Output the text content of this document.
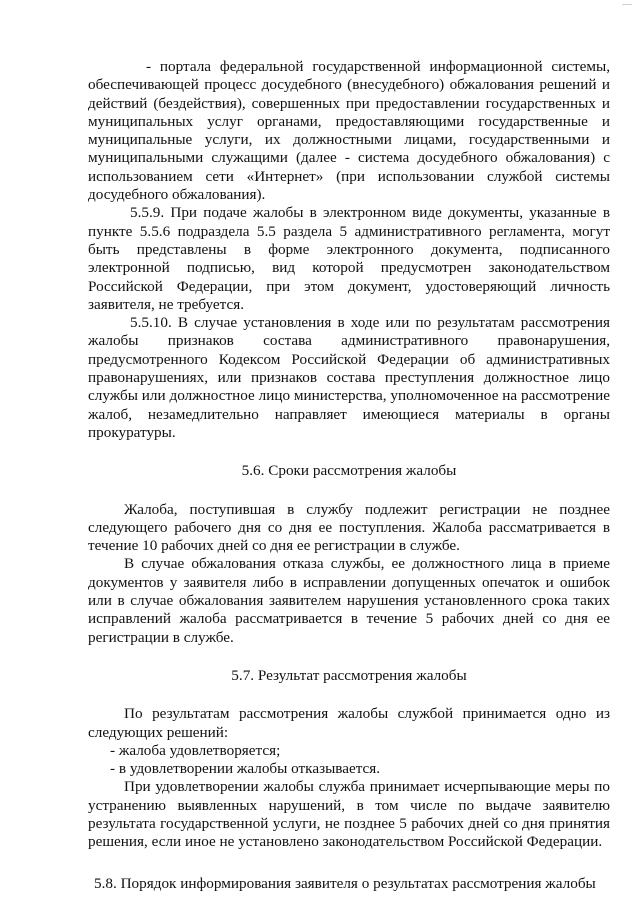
- портала федеральной государственной информационной системы, обеспечивающей процесс досудебного (внесудебного) обжалования решений и действий (бездействия), совершенных при предоставлении государственных и муниципальных услуг органами, предоставляющими государственные и муниципальные услуги, их должностными лицами, государственными и муниципальными служащими (далее - система досудебного обжалования) с использованием сети «Интернет» (при использовании службой системы досудебного обжалования).

5.5.9. При подаче жалобы в электронном виде документы, указанные в пункте 5.5.6 подраздела 5.5 раздела 5 административного регламента, могут быть представлены в форме электронного документа, подписанного электронной подписью, вид которой предусмотрен законодательством Российской Федерации, при этом документ, удостоверяющий личность заявителя, не требуется.

5.5.10. В случае установления в ходе или по результатам рассмотрения жалобы признаков состава административного правонарушения, предусмотренного Кодексом Российской Федерации об административных правонарушениях, или признаков состава преступления должностное лицо службы или должностное лицо министерства, уполномоченное на рассмотрение жалоб, незамедлительно направляет имеющиеся материалы в органы прокуратуры.

5.6. Сроки рассмотрения жалобы

Жалоба, поступившая в службу подлежит регистрации не позднее следующего рабочего дня со дня ее поступления. Жалоба рассматривается в течение 10 рабочих дней со дня ее регистрации в службе.

В случае обжалования отказа службы, ее должностного лица в приеме документов у заявителя либо в исправлении допущенных опечаток и ошибок или в случае обжалования заявителем нарушения установленного срока таких исправлений жалоба рассматривается в течение 5 рабочих дней со дня ее регистрации в службе.

5.7. Результат рассмотрения жалобы

По результатам рассмотрения жалобы службой принимается одно из следующих решений:

- жалоба удовлетворяется;

- в удовлетворении жалобы отказывается.

При удовлетворении жалобы служба принимает исчерпывающие меры по устранению выявленных нарушений, в том числе по выдаче заявителю результата государственной услуги, не позднее 5 рабочих дней со дня принятия решения, если иное не установлено законодательством Российской Федерации.

5.8. Порядок информирования заявителя о результатах рассмотрения жалобы
